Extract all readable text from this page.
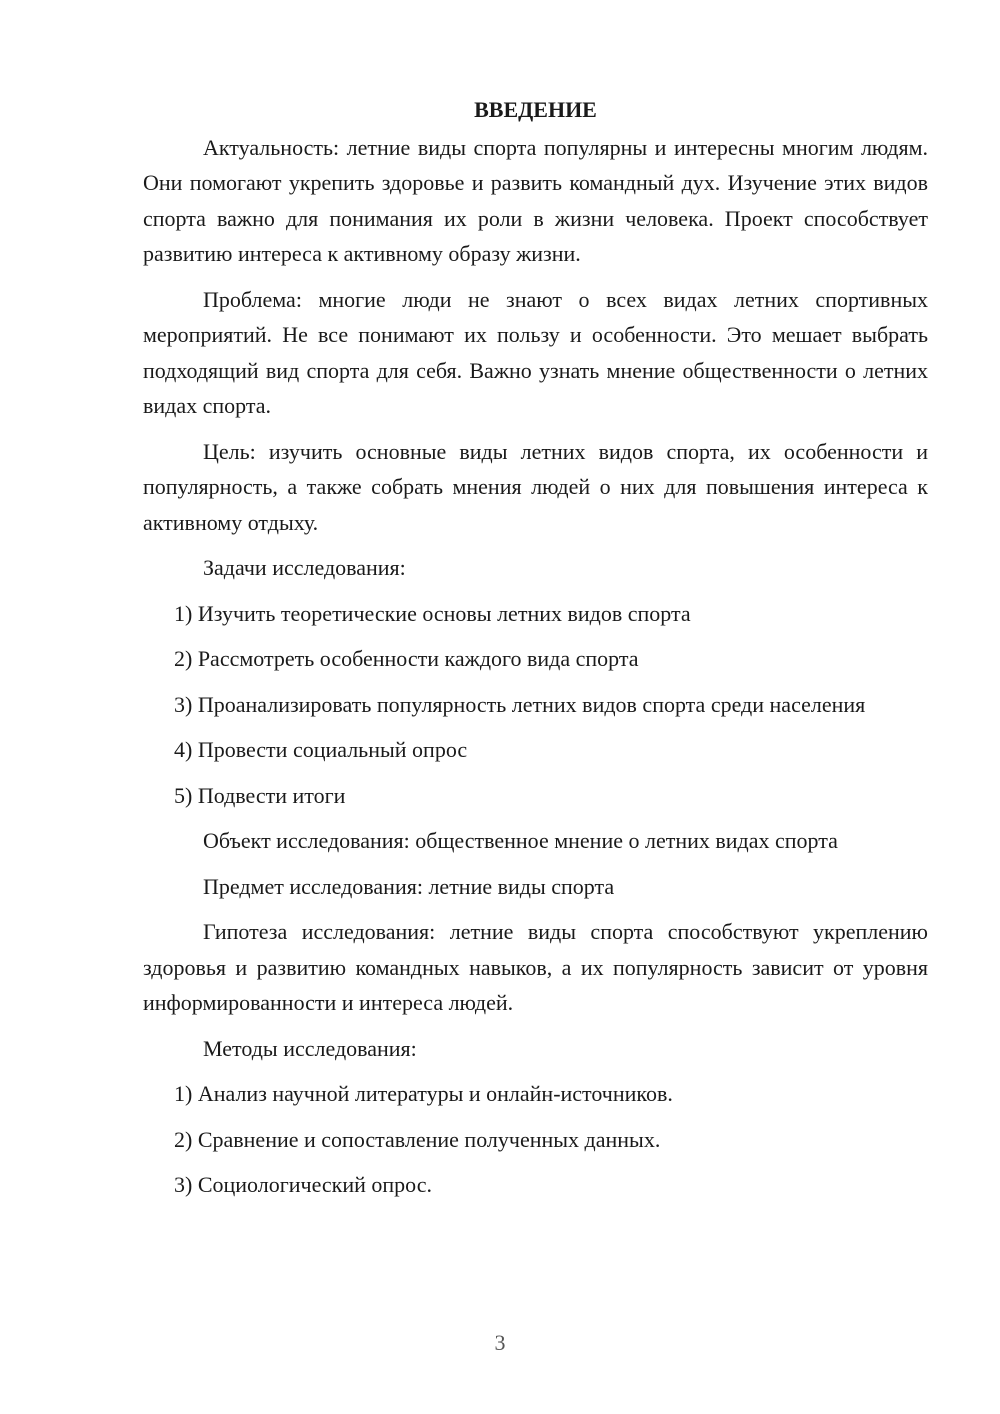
ВВЕДЕНИЕ

Актуальность: летние виды спорта популярны и интересны многим людям. Они помогают укрепить здоровье и развить командный дух. Изучение этих видов спорта важно для понимания их роли в жизни человека. Проект способствует развитию интереса к активному образу жизни.

Проблема: многие люди не знают о всех видах летних спортивных мероприятий. Не все понимают их пользу и особенности. Это мешает выбрать подходящий вид спорта для себя. Важно узнать мнение общественности о летних видах спорта.

Цель: изучить основные виды летних видов спорта, их особенности и популярность, а также собрать мнения людей о них для повышения интереса к активному отдыху.

Задачи исследования:

1) Изучить теоретические основы летних видов спорта

2) Рассмотреть особенности каждого вида спорта

3) Проанализировать популярность летних видов спорта среди населения

4) Провести социальный опрос

5) Подвести итоги

Объект исследования: общественное мнение о летних видах спорта

Предмет исследования: летние виды спорта

Гипотеза исследования: летние виды спорта способствуют укреплению здоровья и развитию командных навыков, а их популярность зависит от уровня информированности и интереса людей.

Методы исследования:

1) Анализ научной литературы и онлайн-источников.

2) Сравнение и сопоставление полученных данных.

3) Социологический опрос.

3
